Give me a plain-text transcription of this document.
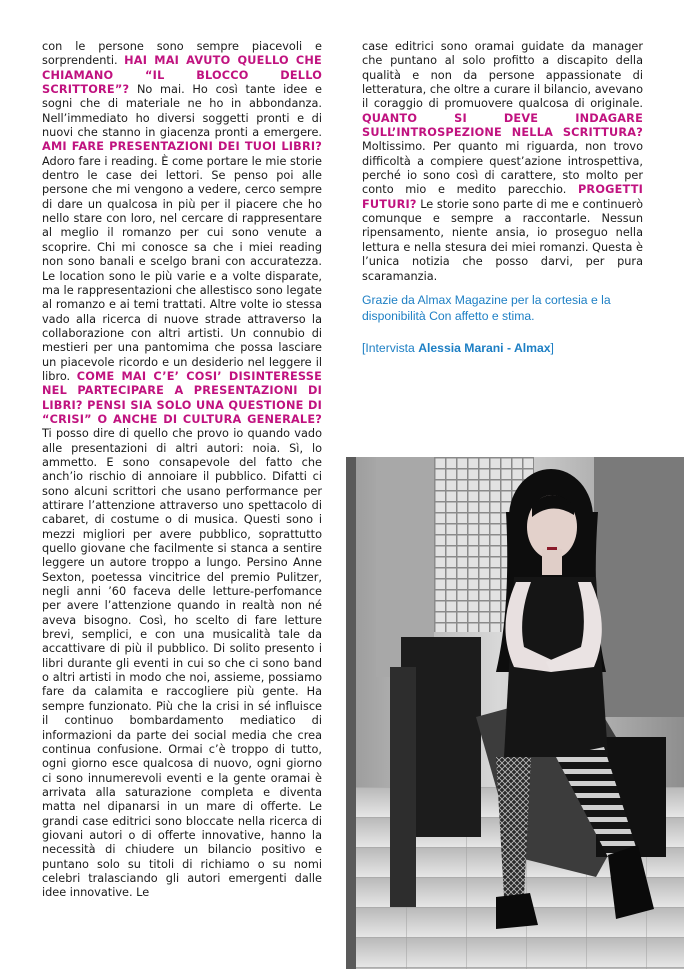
con le persone sono sempre piacevoli e sorprendenti. HAI MAI AVUTO QUELLO CHE CHIAMANO “IL BLOCCO DELLO SCRITTORE”? No mai. Ho così tante idee e sogni che di materiale ne ho in abbondanza. Nell’immediato ho diversi soggetti pronti e di nuovi che stanno in giacenza pronti a emergere. AMI FARE PRESENTAZIONI DEI TUOI LIBRI? Adoro fare i reading. È come portare le mie storie dentro le case dei lettori. Se penso poi alle persone che mi vengono a vedere, cerco sempre di dare un qualcosa in più per il piacere che ho nello stare con loro, nel cercare di rappresentare al meglio il romanzo per cui sono venute a scoprire. Chi mi conosce sa che i miei reading non sono banali e scelgo brani con accuratezza. Le location sono le più varie e a volte disparate, ma le rappresentazioni che allestisco sono legate al romanzo e ai temi trattati. Altre volte io stessa vado alla ricerca di nuove strade attraverso la collaborazione con altri artisti. Un connubio di mestieri per una pantomima che possa lasciare un piacevole ricordo e un desiderio nel leggere il libro. COME MAI C’E’ COSI’ DISINTERESSE NEL PARTECIPARE A PRESENTAZIONI DI LIBRI? PENSI SIA SOLO UNA QUESTIONE DI “CRISI” O ANCHE DI CULTURA GENERALE? Ti posso dire di quello che provo io quando vado alle presentazioni di altri autori: noia. Sì, lo ammetto. E sono consapevole del fatto che anch’io rischio di annoiare il pubblico. Difatti ci sono alcuni scrittori che usano performance per attirare l’attenzione attraverso uno spettacolo di cabaret, di costume o di musica. Questi sono i mezzi migliori per avere pubblico, soprattutto quello giovane che facilmente si stanca a sentire leggere un autore troppo a lungo. Persino Anne Sexton, poetessa vincitrice del premio Pulitzer, negli anni ’60 faceva delle letture-perfomance per avere l’attenzione quando in realtà non né aveva bisogno. Così, ho scelto di fare letture brevi, semplici, e con una musicalità tale da accattivare di più il pubblico. Di solito presento i libri durante gli eventi in cui so che ci sono band o altri artisti in modo che noi, assieme, possiamo fare da calamita e raccogliere più gente. Ha sempre funzionato. Più che la crisi in sé influisce il continuo bombardamento mediatico di informazioni da parte dei social media che crea continua confusione. Ormai c’è troppo di tutto, ogni giorno esce qualcosa di nuovo, ogni giorno ci sono innumerevoli eventi e la gente oramai è arrivata alla saturazione completa e diventa matta nel dipanarsi in un mare di offerte. Le grandi case editrici sono bloccate nella ricerca di giovani autori o di offerte innovative, hanno la necessità di chiudere un bilancio positivo e puntano solo su titoli di richiamo o su nomi celebri tralasciando gli autori emergenti dalle idee innovative. Le
case editrici sono oramai guidate da manager che puntano al solo profitto a discapito della qualità e non da persone appassionate di letteratura, che oltre a curare il bilancio, avevano il coraggio di promuovere qualcosa di originale. QUANTO SI DEVE INDAGARE SULL’INTROSPEZIONE NELLA SCRITTURA? Moltissimo. Per quanto mi riguarda, non trovo difficoltà a compiere quest’azione introspettiva, perché io sono così di carattere, sto molto per conto mio e medito parecchio. PROGETTI FUTURI? Le storie sono parte di me e continuerò comunque e sempre a raccontarle. Nessun ripensamento, niente ansia, io proseguo nella lettura e nella stesura dei miei romanzi. Questa è l’unica notizia che posso darvi, per pura scaramanzia.

Grazie da Almax Magazine per la cortesia e la disponibilità Con affetto e stima.

[Intervista Alessia Marani - Almax]
